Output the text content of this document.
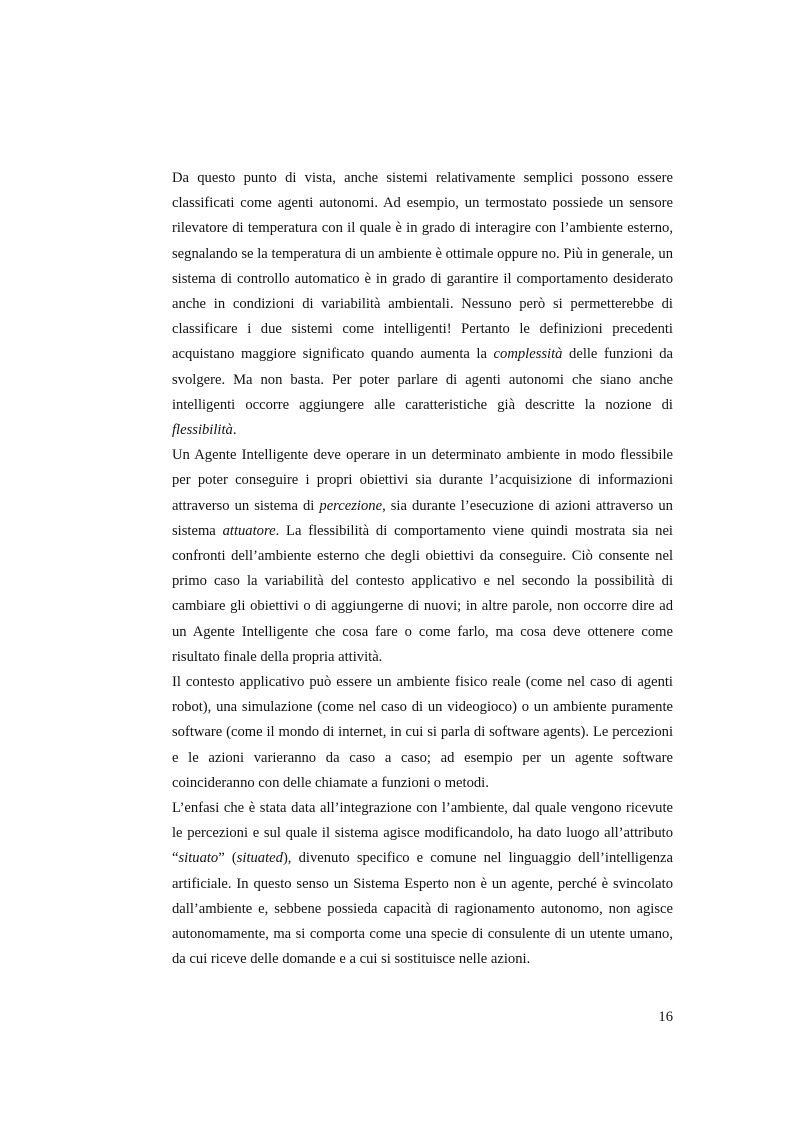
Da questo punto di vista, anche sistemi relativamente semplici possono essere classificati come agenti autonomi. Ad esempio, un termostato possiede un sensore rilevatore di temperatura con il quale è in grado di interagire con l’ambiente esterno, segnalando se la temperatura di un ambiente è ottimale oppure no. Più in generale, un sistema di controllo automatico è in grado di garantire il comportamento desiderato anche in condizioni di variabilità ambientali. Nessuno però si permetterebbe di classificare i due sistemi come intelligenti! Pertanto le definizioni precedenti acquistano maggiore significato quando aumenta la complessità delle funzioni da svolgere. Ma non basta. Per poter parlare di agenti autonomi che siano anche intelligenti occorre aggiungere alle caratteristiche già descritte la nozione di flessibilità.

Un Agente Intelligente deve operare in un determinato ambiente in modo flessibile per poter conseguire i propri obiettivi sia durante l’acquisizione di informazioni attraverso un sistema di percezione, sia durante l’esecuzione di azioni attraverso un sistema attuatore. La flessibilità di comportamento viene quindi mostrata sia nei confronti dell’ambiente esterno che degli obiettivi da conseguire. Ciò consente nel primo caso la variabilità del contesto applicativo e nel secondo la possibilità di cambiare gli obiettivi o di aggiungerne di nuovi; in altre parole, non occorre dire ad un Agente Intelligente che cosa fare o come farlo, ma cosa deve ottenere come risultato finale della propria attività.

Il contesto applicativo può essere un ambiente fisico reale (come nel caso di agenti robot), una simulazione (come nel caso di un videogioco) o un ambiente puramente software (come il mondo di internet, in cui si parla di software agents). Le percezioni e le azioni varieranno da caso a caso; ad esempio per un agente software coincideranno con delle chiamate a funzioni o metodi.

L’enfasi che è stata data all’integrazione con l’ambiente, dal quale vengono ricevute le percezioni e sul quale il sistema agisce modificandolo, ha dato luogo all’attributo “situato” (situated), divenuto specifico e comune nel linguaggio dell’intelligenza artificiale. In questo senso un Sistema Esperto non è un agente, perché è svincolato dall’ambiente e, sebbene possieda capacità di ragionamento autonomo, non agisce autonomamente, ma si comporta come una specie di consulente di un utente umano, da cui riceve delle domande e a cui si sostituisce nelle azioni.

16
